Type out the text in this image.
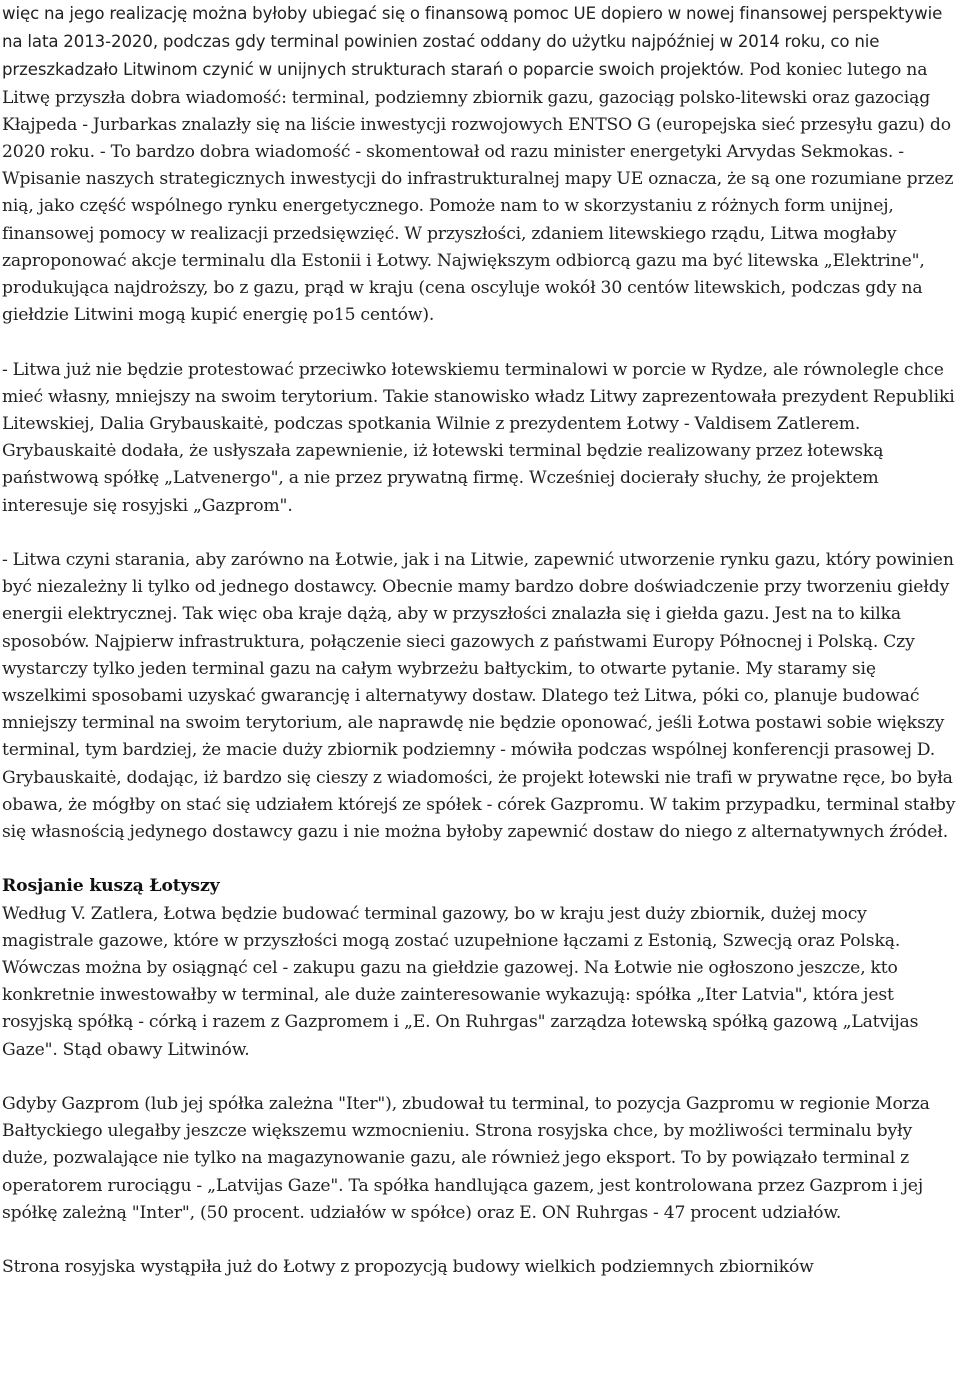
więc na jego realizację można byłoby ubiegać się o finansową pomoc UE dopiero w nowej finansowej perspektywie na lata 2013-2020, podczas gdy terminal powinien zostać oddany do użytku najpóźniej w 2014 roku, co nie przeszkadzało Litwinom czynić w unijnych strukturach starań o poparcie swoich projektów. Pod koniec lutego na Litwę przyszła dobra wiadomość: terminal, podziemny zbiornik gazu, gazociąg polsko-litewski oraz gazociąg Kłajpeda - Jurbarkas znalazły się na liście inwestycji rozwojowych ENTSO G (europejska sieć przesyłu gazu) do 2020 roku. - To bardzo dobra wiadomość - skomentował od razu minister energetyki Arvydas Sekmokas. - Wpisanie naszych strategicznych inwestycji do infrastrukturalnej mapy UE oznacza, że są one rozumiane przez nią, jako część wspólnego rynku energetycznego. Pomoże nam to w skorzystaniu z różnych form unijnej, finansowej pomocy w realizacji przedsięwzięć. W przyszłości, zdaniem litewskiego rządu, Litwa mogłaby zaproponować akcje terminalu dla Estonii i Łotwy. Największym odbiorcą gazu ma być litewska „Elektrine", produkująca najdroższy, bo z gazu, prąd w kraju (cena oscyluje wokół 30 centów litewskich, podczas gdy na giełdzie Litwini mogą kupić energię po15 centów).

- Litwa już nie będzie protestować przeciwko łotewskiemu terminalowi w porcie w Rydze, ale równolegle chce mieć własny, mniejszy na swoim terytorium. Takie stanowisko władz Litwy zaprezentowała prezydent Republiki Litewskiej, Dalia Grybauskaitė, podczas spotkania Wilnie z prezydentem Łotwy - Valdisem Zatlerem. Grybauskaitė dodała, że usłyszała zapewnienie, iż łotewski terminal będzie realizowany przez łotewską państwową spółkę „Latvenergo", a nie przez prywatną firmę. Wcześniej docierały słuchy, że projektem interesuje się rosyjski „Gazprom".

- Litwa czyni starania, aby zarówno na Łotwie, jak i na Litwie, zapewnić utworzenie rynku gazu, który powinien być niezależny li tylko od jednego dostawcy. Obecnie mamy bardzo dobre doświadczenie przy tworzeniu giełdy energii elektrycznej. Tak więc oba kraje dążą, aby w przyszłości znalazła się i giełda gazu. Jest na to kilka sposobów. Najpierw infrastruktura, połączenie sieci gazowych z państwami Europy Północnej i Polską. Czy wystarczy tylko jeden terminal gazu na całym wybrzeżu bałtyckim, to otwarte pytanie. My staramy się wszelkimi sposobami uzyskać gwarancję i alternatywy dostaw. Dlatego też Litwa, póki co, planuje budować mniejszy terminal na swoim terytorium, ale naprawdę nie będzie oponować, jeśli Łotwa postawi sobie większy terminal, tym bardziej, że macie duży zbiornik podziemny - mówiła podczas wspólnej konferencji prasowej D. Grybauskaitė, dodając, iż bardzo się cieszy z wiadomości, że projekt łotewski nie trafi w prywatne ręce, bo była obawa, że mógłby on stać się udziałem którejś ze spółek - córek Gazpromu. W takim przypadku, terminal stałby się własnością jedynego dostawcy gazu i nie można byłoby zapewnić dostaw do niego z alternatywnych źródeł.

Rosjanie kuszą Łotyszy

Według V. Zatlera, Łotwa będzie budować terminal gazowy, bo w kraju jest duży zbiornik, dużej mocy magistrale gazowe, które w przyszłości mogą zostać uzupełnione łączami z Estonią, Szwecją oraz Polską. Wówczas można by osiągnąć cel - zakupu gazu na giełdzie gazowej. Na Łotwie nie ogłoszono jeszcze, kto konkretnie inwestowałby w terminal, ale duże zainteresowanie wykazują: spółka „Iter Latvia", która jest rosyjską spółką - córką i razem z Gazpromem i „E. On Ruhrgas" zarządza łotewską spółką gazową „Latvijas Gaze". Stąd obawy Litwinów.

Gdyby Gazprom (lub jej spółka zależna "Iter"), zbudował tu terminal, to pozycja Gazpromu w regionie Morza Bałtyckiego ulegałby jeszcze większemu wzmocnieniu. Strona rosyjska chce, by możliwości terminalu były duże, pozwalające nie tylko na magazynowanie gazu, ale również jego eksport. To by powiązało terminal z operatorem rurociągu - „Latvijas Gaze". Ta spółka handlująca gazem, jest kontrolowana przez Gazprom i jej spółkę zależną "Inter", (50 procent. udziałów w spółce) oraz E. ON Ruhrgas - 47 procent udziałów.

Strona rosyjska wystąpiła już do Łotwy z propozycją budowy wielkich podziemnych zbiorników
